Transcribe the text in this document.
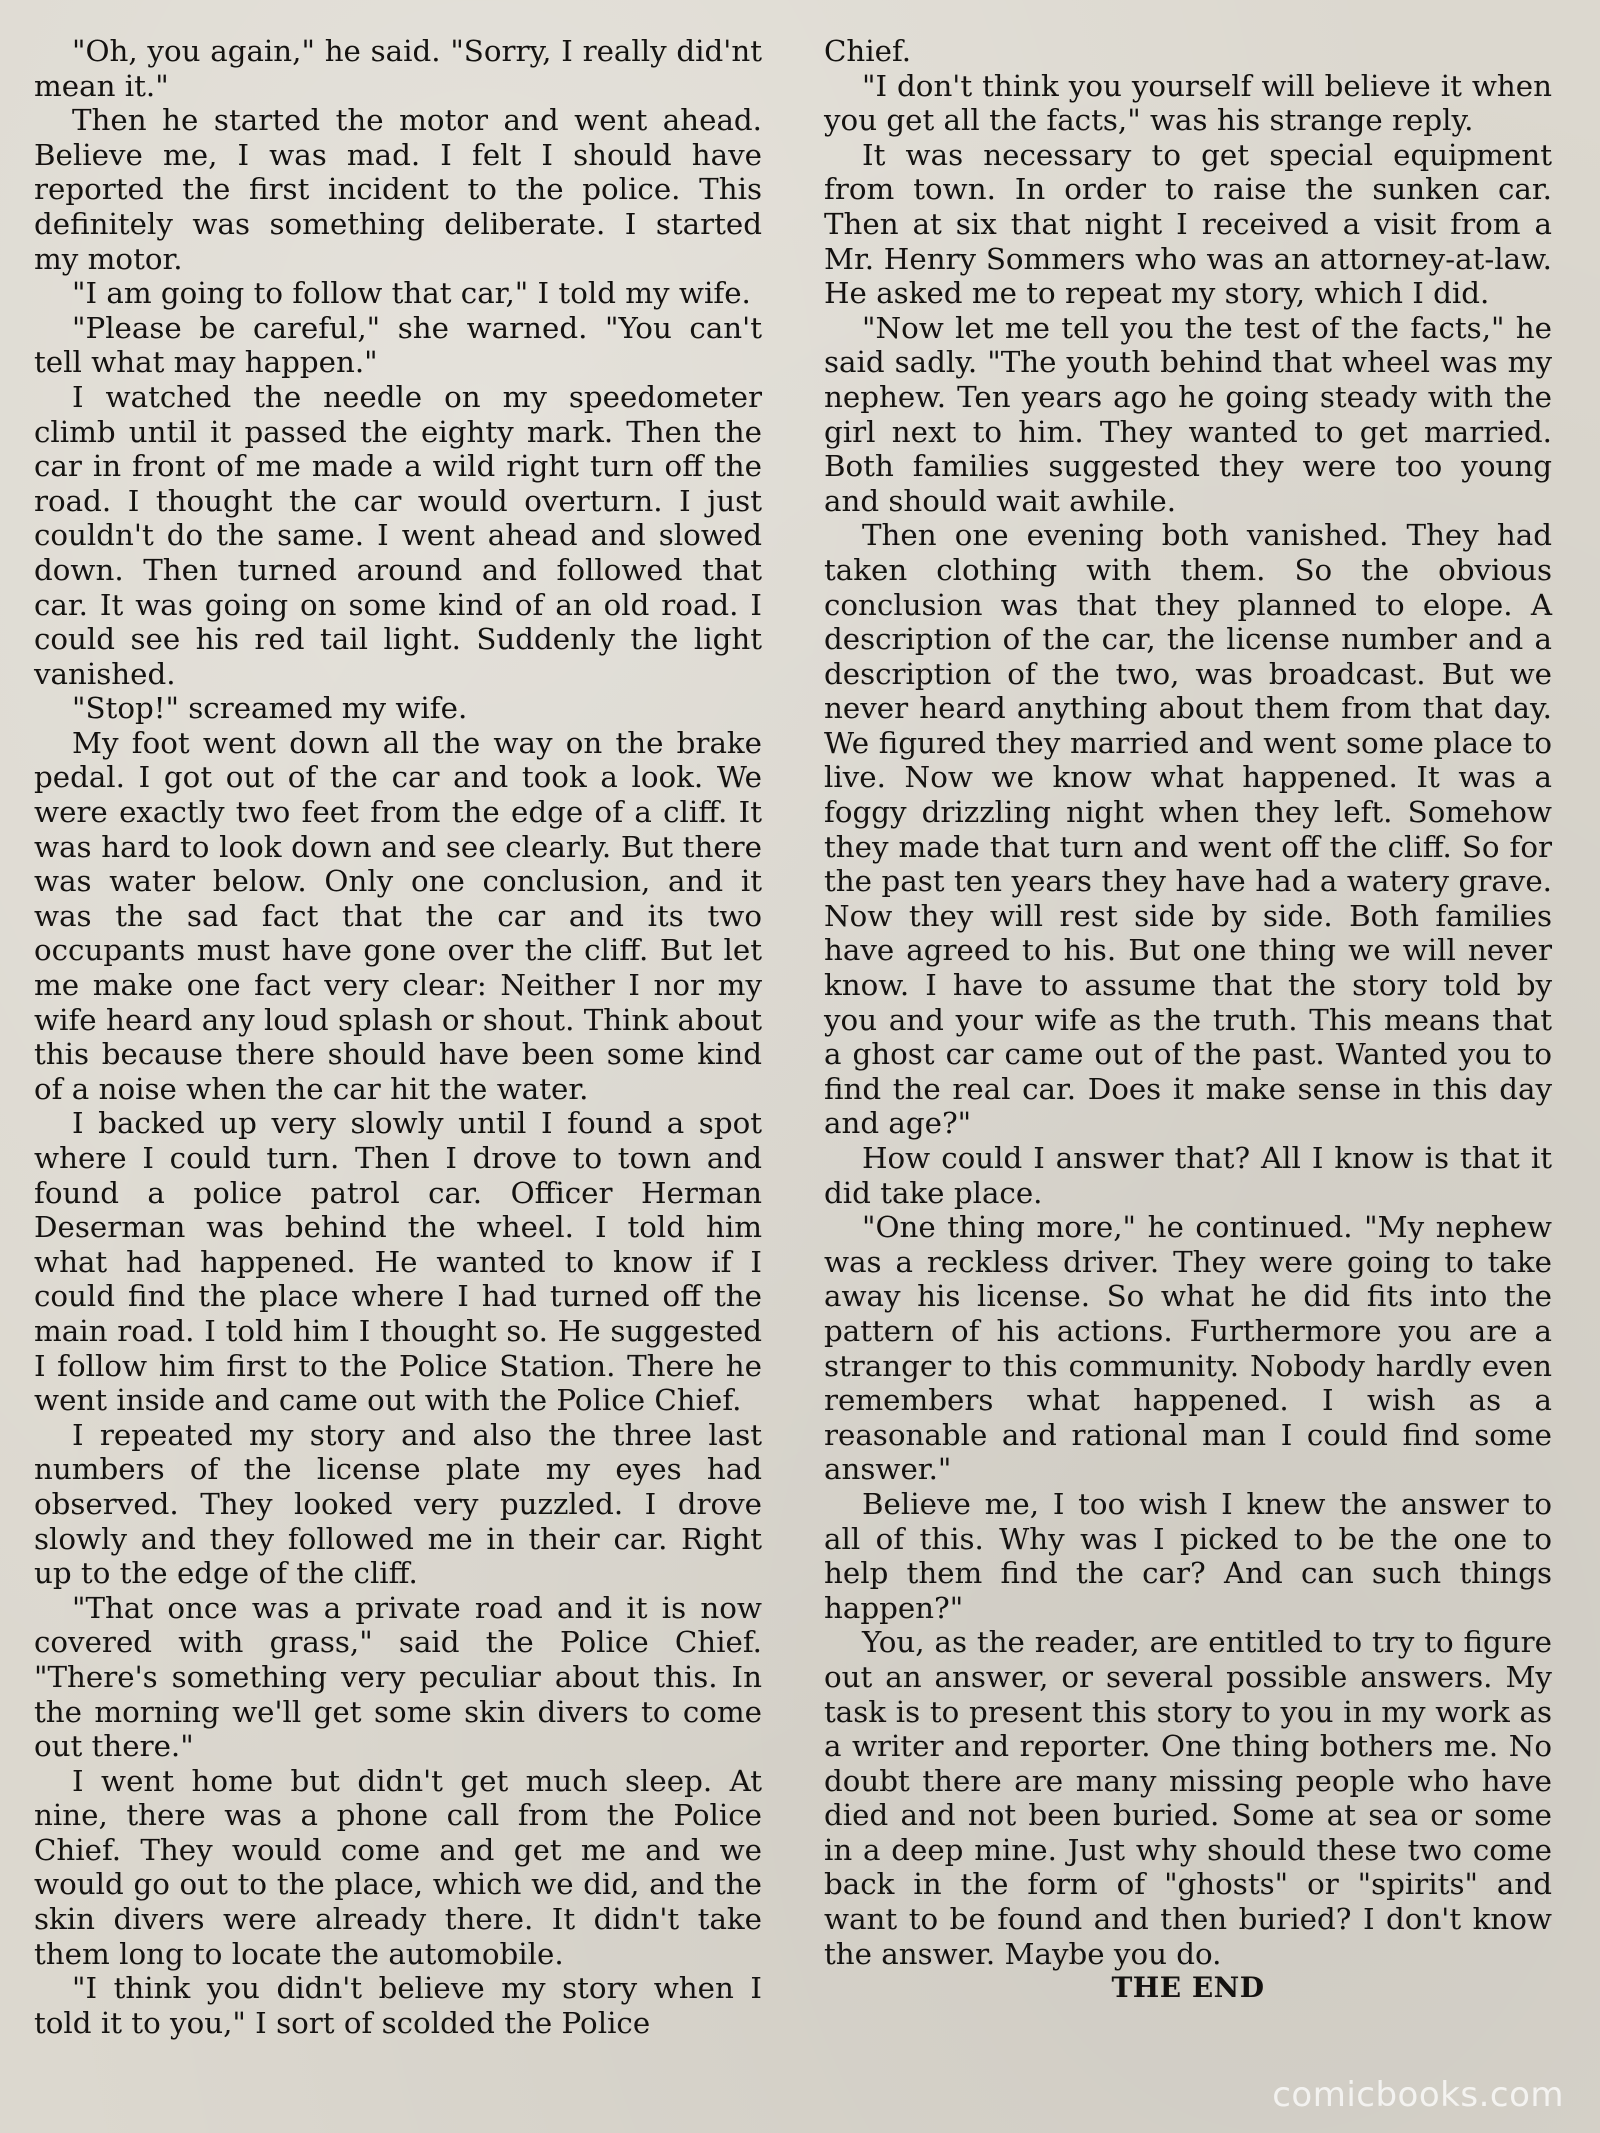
"Oh, you again," he said. "Sorry, I really did'nt mean it."

Then he started the motor and went ahead. Believe me, I was mad. I felt I should have reported the first incident to the police. This definitely was something deliberate. I started my motor.

"I am going to follow that car," I told my wife.

"Please be careful," she warned. "You can't tell what may happen."

I watched the needle on my speedometer climb until it passed the eighty mark. Then the car in front of me made a wild right turn off the road. I thought the car would overturn. I just couldn't do the same. I went ahead and slowed down. Then turned around and followed that car. It was going on some kind of an old road. I could see his red tail light. Suddenly the light vanished.

"Stop!" screamed my wife.

My foot went down all the way on the brake pedal. I got out of the car and took a look. We were exactly two feet from the edge of a cliff. It was hard to look down and see clearly. But there was water below. Only one conclusion, and it was the sad fact that the car and its two occupants must have gone over the cliff. But let me make one fact very clear: Neither I nor my wife heard any loud splash or shout. Think about this because there should have been some kind of a noise when the car hit the water.

I backed up very slowly until I found a spot where I could turn. Then I drove to town and found a police patrol car. Officer Herman Deserman was behind the wheel. I told him what had happened. He wanted to know if I could find the place where I had turned off the main road. I told him I thought so. He suggested I follow him first to the Police Station. There he went inside and came out with the Police Chief.

I repeated my story and also the three last numbers of the license plate my eyes had observed. They looked very puzzled. I drove slowly and they followed me in their car. Right up to the edge of the cliff.

"That once was a private road and it is now covered with grass," said the Police Chief. "There's something very peculiar about this. In the morning we'll get some skin divers to come out there."

I went home but didn't get much sleep. At nine, there was a phone call from the Police Chief. They would come and get me and we would go out to the place, which we did, and the skin divers were already there. It didn't take them long to locate the automobile.

"I think you didn't believe my story when I told it to you," I sort of scolded the Police

Chief.

"I don't think you yourself will believe it when you get all the facts," was his strange reply.

It was necessary to get special equipment from town. In order to raise the sunken car. Then at six that night I received a visit from a Mr. Henry Sommers who was an attorney-at-law. He asked me to repeat my story, which I did.

"Now let me tell you the test of the facts," he said sadly. "The youth behind that wheel was my nephew. Ten years ago he going steady with the girl next to him. They wanted to get married. Both families suggested they were too young and should wait awhile.

Then one evening both vanished. They had taken clothing with them. So the obvious conclusion was that they planned to elope. A description of the car, the license number and a description of the two, was broadcast. But we never heard anything about them from that day. We figured they married and went some place to live. Now we know what happened. It was a foggy drizzling night when they left. Somehow they made that turn and went off the cliff. So for the past ten years they have had a watery grave. Now they will rest side by side. Both families have agreed to his. But one thing we will never know. I have to assume that the story told by you and your wife as the truth. This means that a ghost car came out of the past. Wanted you to find the real car. Does it make sense in this day and age?"

How could I answer that? All I know is that it did take place.

"One thing more," he continued. "My nephew was a reckless driver. They were going to take away his license. So what he did fits into the pattern of his actions. Furthermore you are a stranger to this community. Nobody hardly even remembers what happened. I wish as a reasonable and rational man I could find some answer."

Believe me, I too wish I knew the answer to all of this. Why was I picked to be the one to help them find the car? And can such things happen?"

You, as the reader, are entitled to try to figure out an answer, or several possible answers. My task is to present this story to you in my work as a writer and reporter. One thing bothers me. No doubt there are many missing people who have died and not been buried. Some at sea or some in a deep mine. Just why should these two come back in the form of "ghosts" or "spirits" and want to be found and then buried? I don't know the answer. Maybe you do.

THE END

comicbooks.com
